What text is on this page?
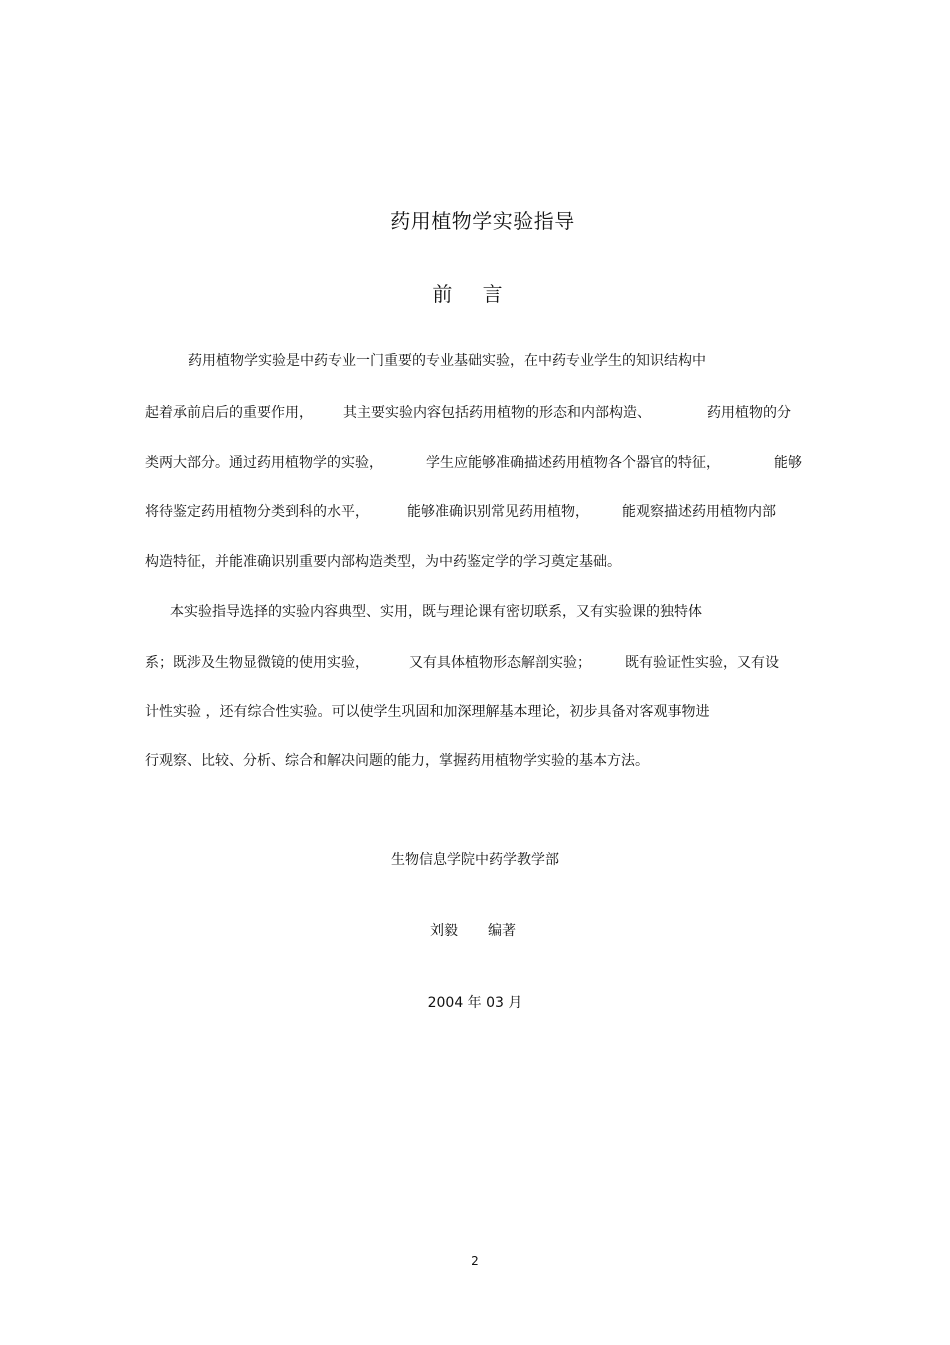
药用植物学实验指导
前 言
药用植物学实验是中药专业一门重要的专业基础实验，在中药专业学生的知识结构中
起着承前启后的重要作用， 其主要实验内容包括药用植物的形态和内部构造、	药用植物的分
类两大部分。通过药用植物学的实验，	学生应能够准确描述药用植物各个器官的特征，	能够
将待鉴定药用植物分类到科的水平，	能够准确识别常见药用植物， 能观察描述药用植物内部
构造特征，并能准确识别重要内部构造类型，为中药鉴定学的学习奠定基础。
本实验指导选择的实验内容典型、实用，既与理论课有密切联系，又有实验课的独特体
系；既涉及生物显微镜的使用实验，	又有具体植物形态解剖实验； 既有验证性实验，又有设
计性实验 ，还有综合性实验。可以使学生巩固和加深理解基本理论，初步具备对客观事物进
行观察、比较、分析、综合和解决问题的能力，掌握药用植物学实验的基本方法。
生物信息学院中药学教学部
刘毅 编著
2004 年 03 月
2
